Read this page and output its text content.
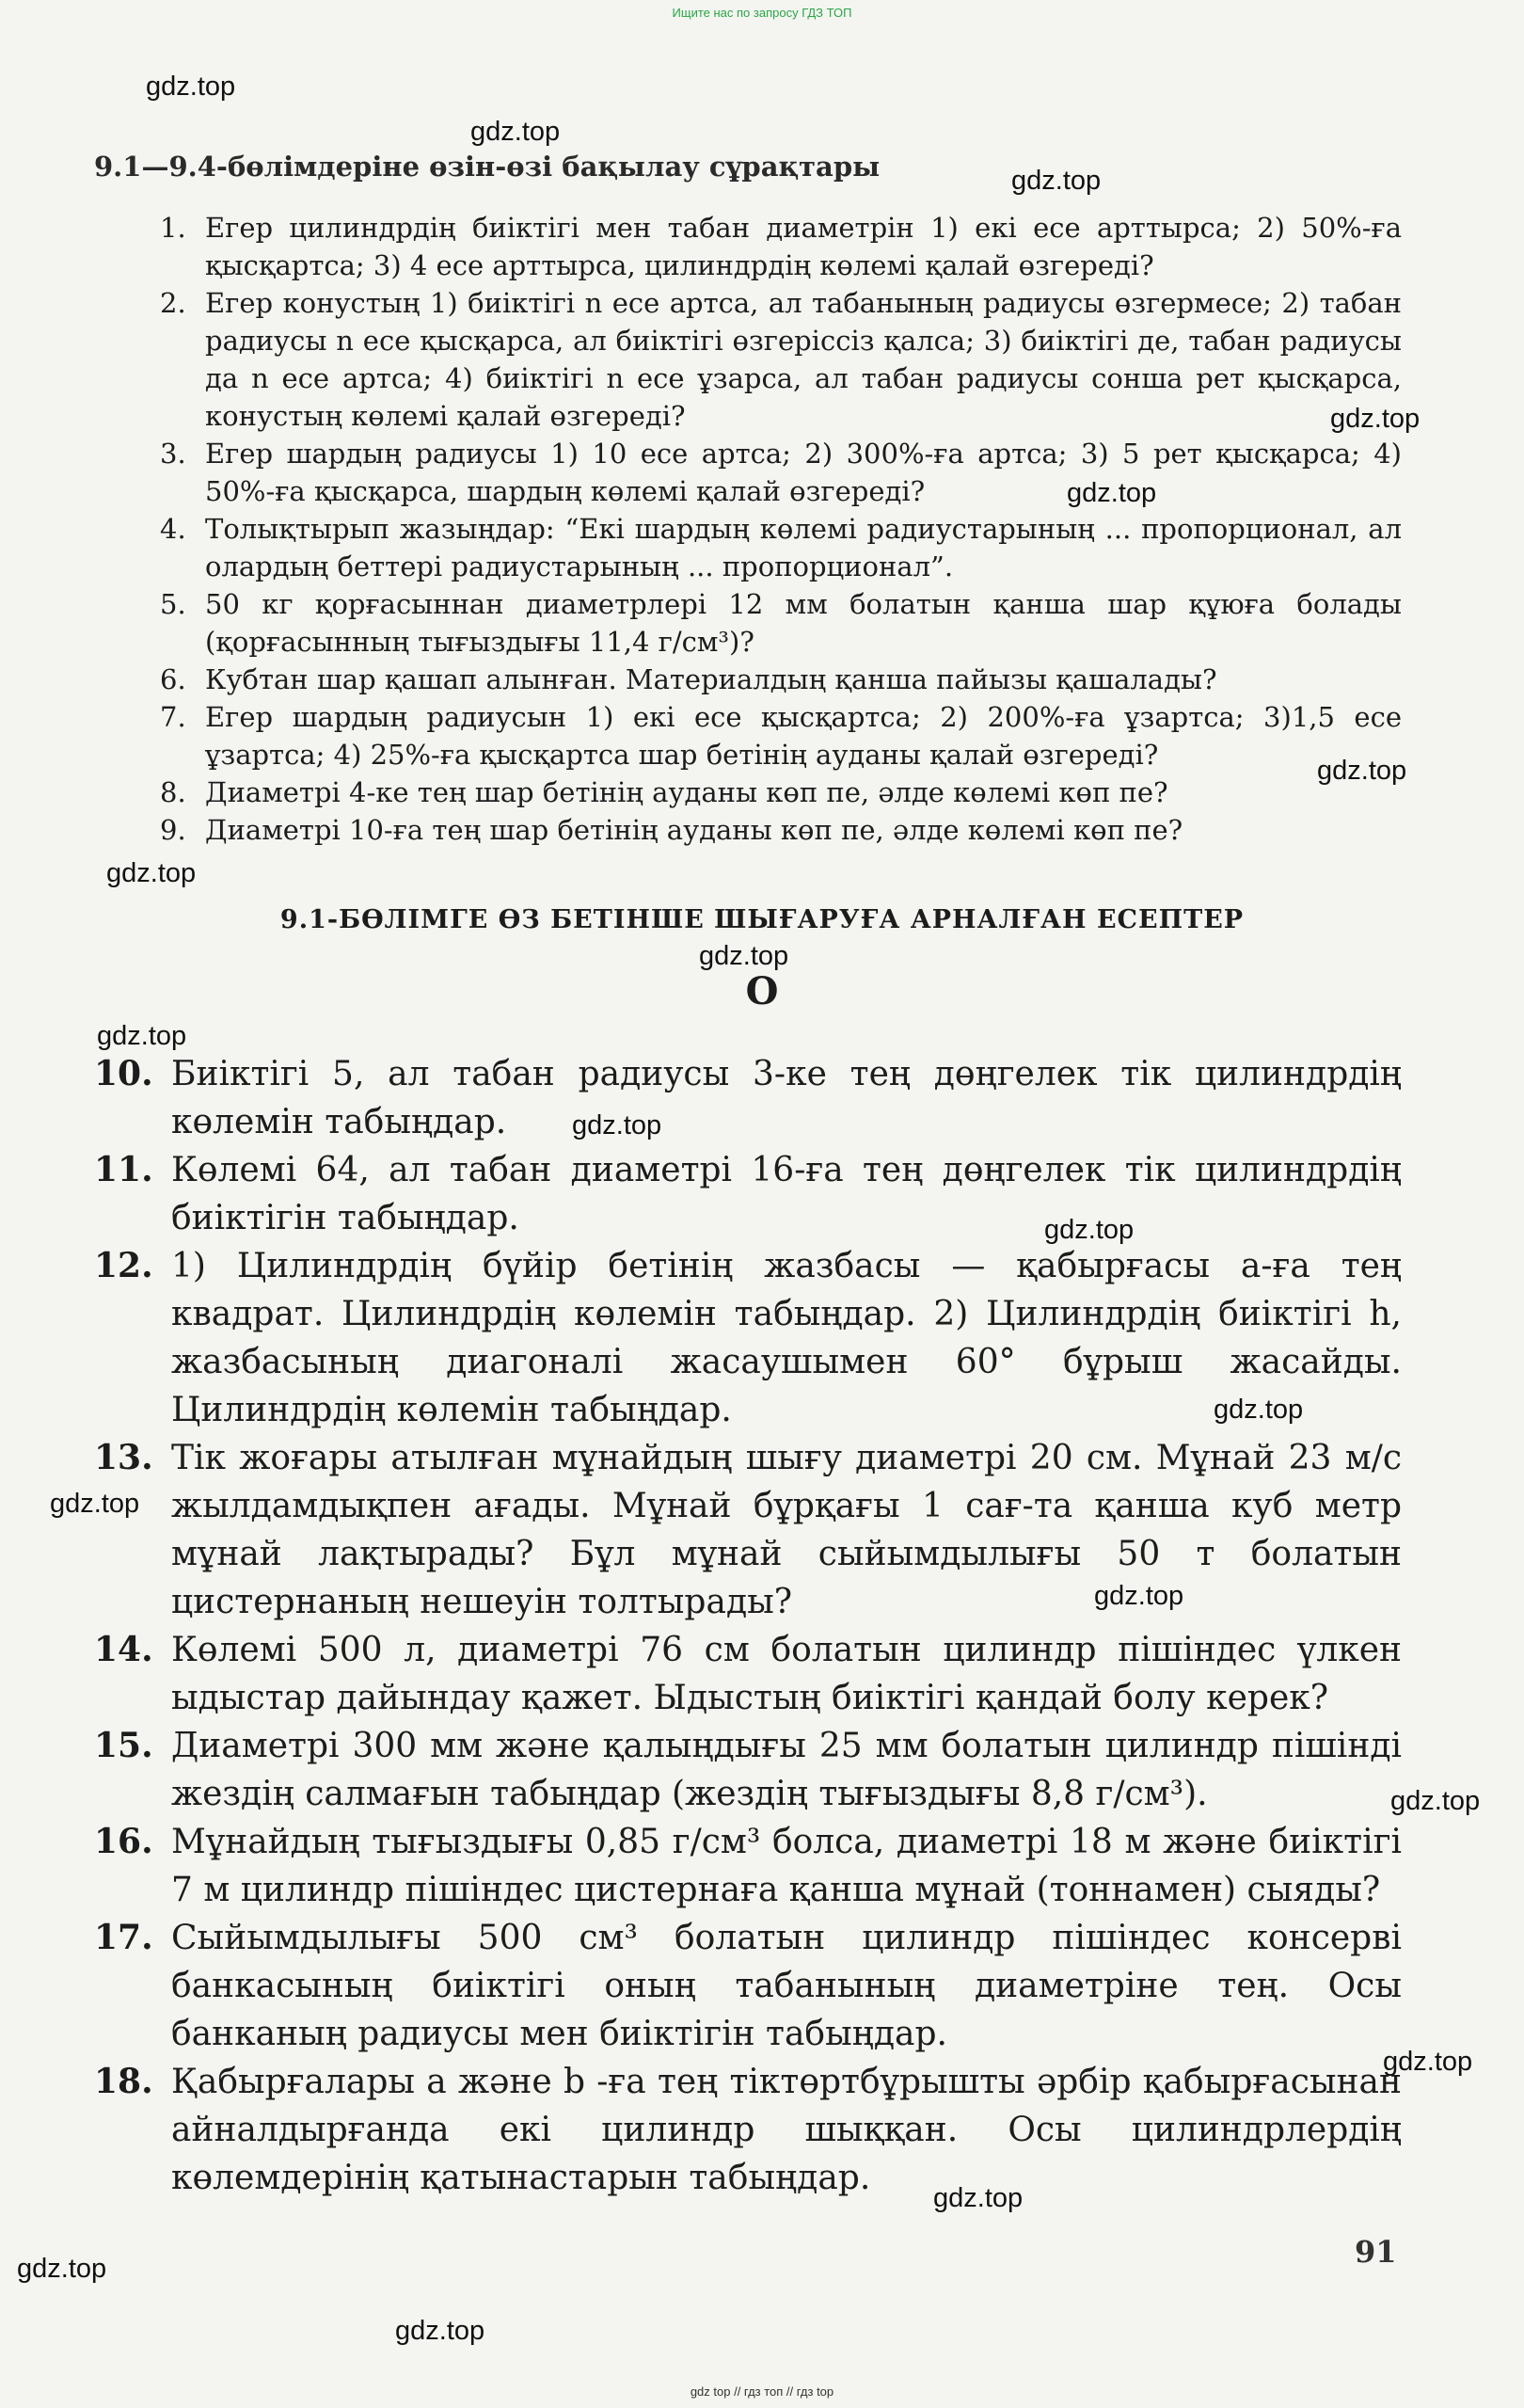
Ищите нас по запросу ГДЗ ТОП
gdz.top
gdz.top
gdz.top
gdz.top
gdz.top
gdz.top
gdz.top
gdz.top
gdz.top
gdz.top
gdz.top
gdz.top
gdz.top
gdz.top
gdz.top
gdz.top
gdz.top
gdz.top
gdz.top
9.1—9.4-бөлімдеріне өзін-өзі бақылау сұрақтары
1. Егер цилиндрдің биіктігі мен табан диаметрін 1) екі есе арттырса; 2) 50%-ға қысқартса; 3) 4 есе арттырса, цилиндрдің көлемі қалай өзгереді?
2. Егер конустың 1) биіктігі n есе артса, ал табанының радиусы өзгермесе; 2) табан радиусы n есе қысқарса, ал биіктігі өзгеріссіз қалса; 3) биіктігі де, табан радиусы да n есе артса; 4) биіктігі n есе ұзарса, ал табан радиусы сонша рет қысқарса, конустың көлемі қалай өзгереді?
3. Егер шардың радиусы 1) 10 есе артса; 2) 300%-ға артса; 3) 5 рет қысқарса; 4) 50%-ға қысқарса, шардың көлемі қалай өзгереді?
4. Толықтырып жазыңдар: “Екі шардың көлемі радиустарының ... пропорционал, ал олардың беттері радиустарының ... пропорционал”.
5. 50 кг қорғасыннан диаметрлері 12 мм болатын қанша шар құюға болады (қорғасынның тығыздығы 11,4 г/см³)?
6. Кубтан шар қашап алынған. Материалдың қанша пайызы қашалады?
7. Егер шардың радиусын 1) екі есе қысқартса; 2) 200%-ға ұзартса; 3)1,5 есе ұзартса; 4) 25%-ға қысқартса шар бетінің ауданы қалай өзгереді?
8. Диаметрі 4-ке тең шар бетінің ауданы көп пе, әлде көлемі көп пе?
9. Диаметрі 10-ға тең шар бетінің ауданы көп пе, әлде көлемі көп пе?
9.1-БӨЛІМГЕ ӨЗ БЕТІНШЕ ШЫҒАРУҒА АРНАЛҒАН ЕСЕПТЕР
О
10. Биіктігі 5, ал табан радиусы 3-ке тең дөңгелек тік цилиндрдің көлемін табыңдар.
11. Көлемі 64, ал табан диаметрі 16-ға тең дөңгелек тік цилиндрдің биіктігін табыңдар.
12. 1) Цилиндрдің бүйір бетінің жазбасы — қабырғасы a-ға тең квадрат. Цилиндрдің көлемін табыңдар. 2) Цилиндрдің биіктігі h, жазбасының диагоналі жасаушымен 60° бұрыш жасайды. Цилиндрдің көлемін табыңдар.
13. Тік жоғары атылған мұнайдың шығу диаметрі 20 см. Мұнай 23 м/с жылдамдықпен ағады. Мұнай бұрқағы 1 сағ-та қанша куб метр мұнай лақтырады? Бұл мұнай сыйымдылығы 50 т болатын цистернаның нешеуін толтырады?
14. Көлемі 500 л, диаметрі 76 см болатын цилиндр пішіндес үлкен ыдыстар дайындау қажет. Ыдыстың биіктігі қандай болу керек?
15. Диаметрі 300 мм және қалыңдығы 25 мм болатын цилиндр пішінді жездің салмағын табыңдар (жездің тығыздығы 8,8 г/см³).
16. Мұнайдың тығыздығы 0,85 г/см³ болса, диаметрі 18 м және биіктігі 7 м цилиндр пішіндес цистернаға қанша мұнай (тоннамен) сыяды?
17. Сыйымдылығы 500 см³ болатын цилиндр пішіндес консерві банкасының биіктігі оның табанының диаметріне тең. Осы банканың радиусы мен биіктігін табыңдар.
18. Қабырғалары a және b -ға тең тіктөртбұрышты әрбір қабырғасынан айналдырғанда екі цилиндр шыққан. Осы цилиндрлердің көлемдерінің қатынастарын табыңдар.
91
gdz top // гдз топ // гдз top
